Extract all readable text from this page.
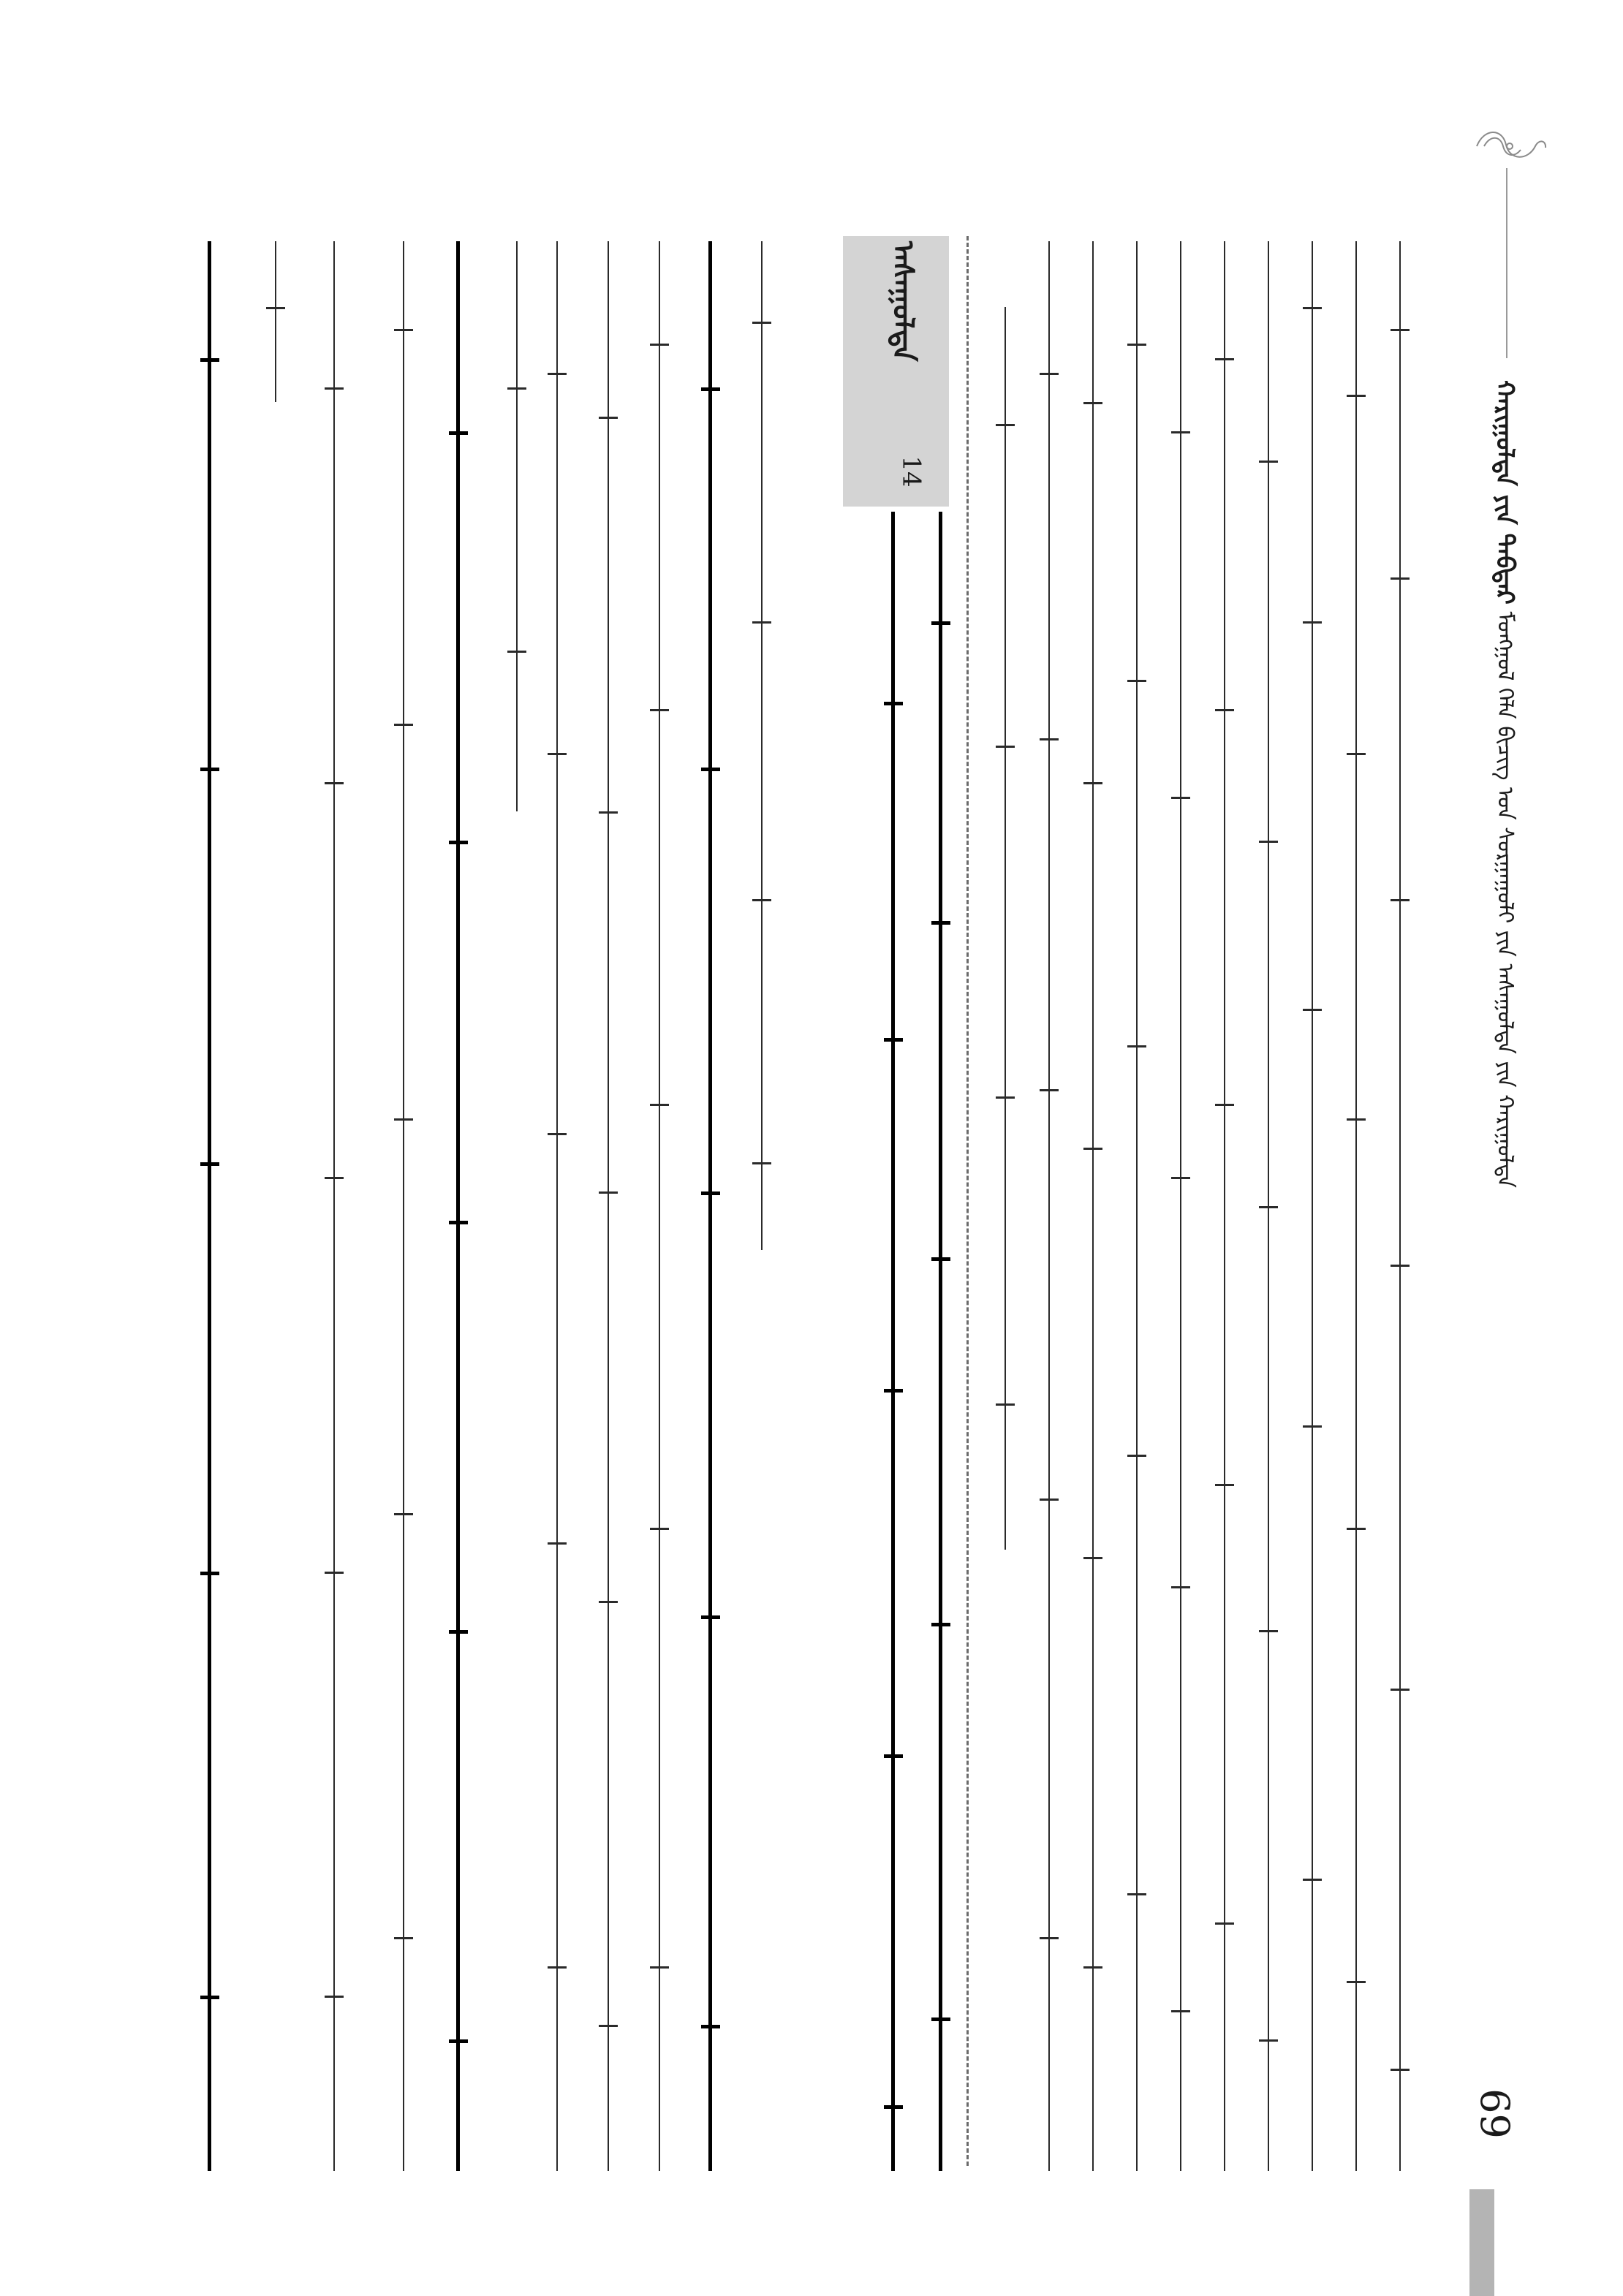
ᠬᠠᠷᠢᠭᠤᠯᠲᠠ ᠶᠢᠨ ᠲᠡᠪᠲᠡᠷ ᠮᠣᠩᠭᠣᠯ ᠬᠡᠯᠡ ᠪᠢᠴᠢᠭ ᠤᠨ ᠰᠤᠷᠭᠠᠭᠤᠯᠢ ᠶᠢᠨ ᠠᠰᠠᠭᠤᠯᠲᠠ ᠶᠢᠨ ᠬᠠᠷᠢᠭᠤᠯᠲᠠ
ᠠᠰᠠᠭᠤᠯᠲᠠ
14
69
